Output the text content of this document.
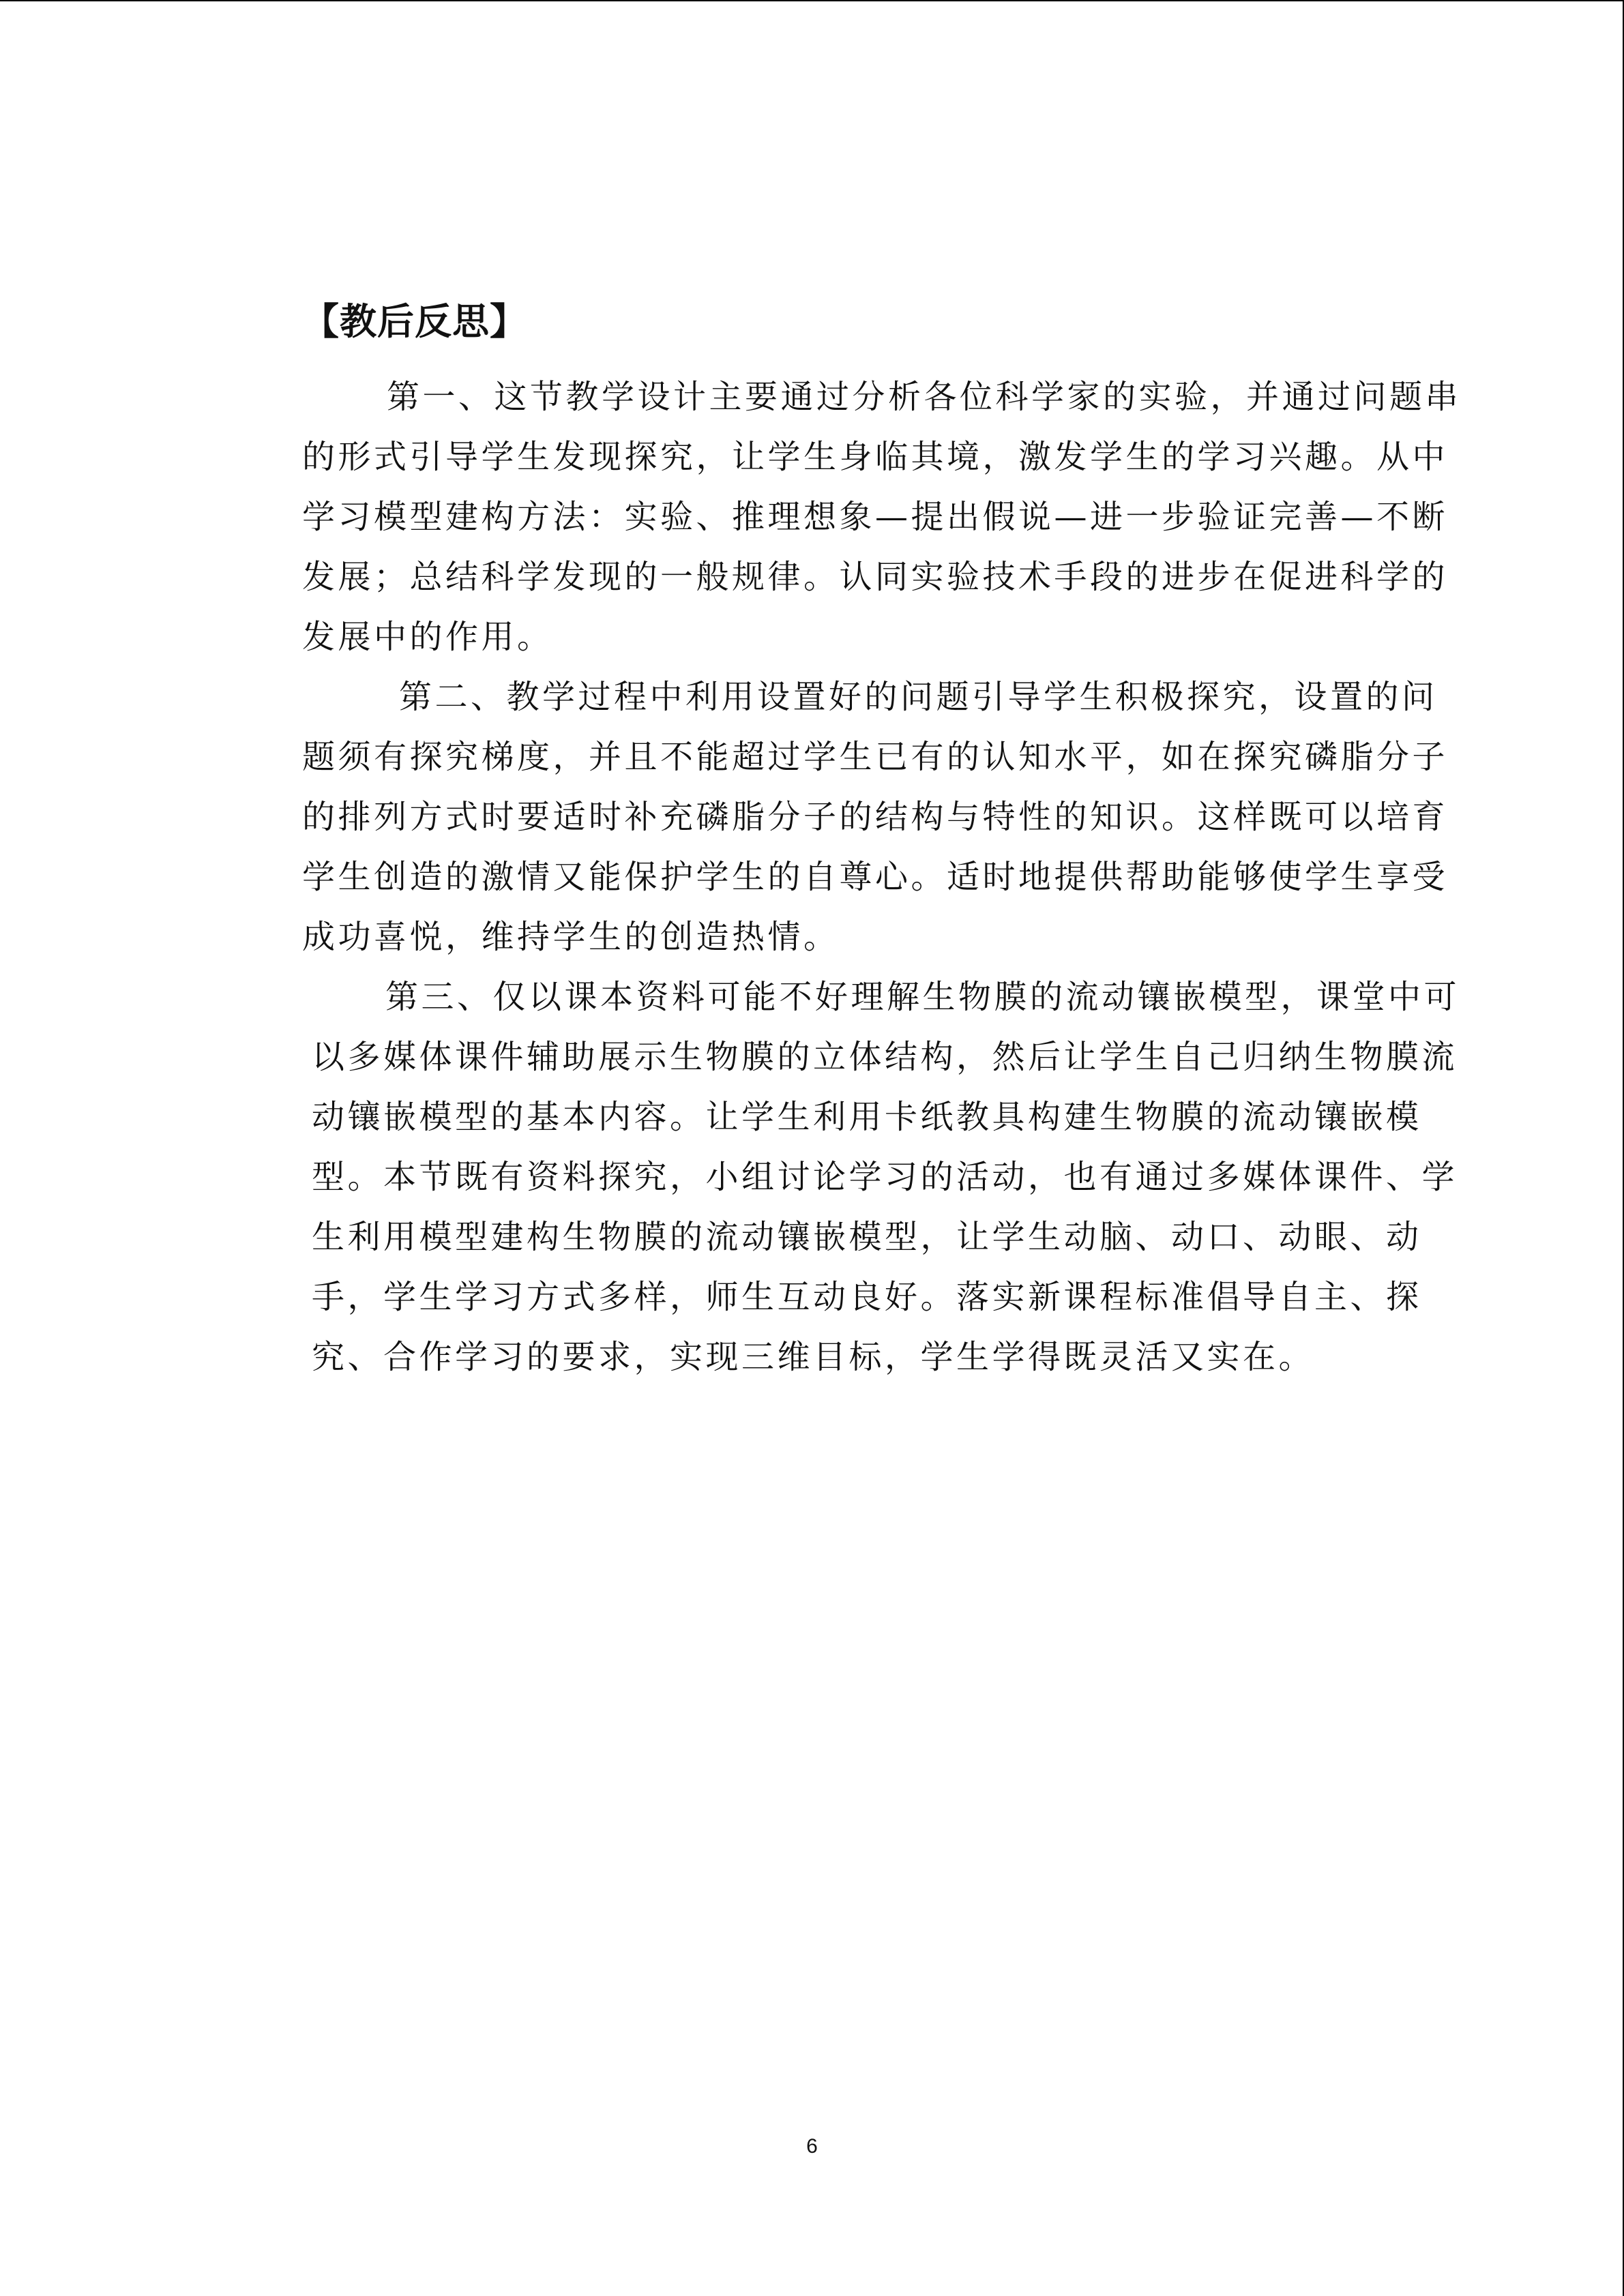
【教后反思】
第一、这节教学设计主要通过分析各位科学家的实验，并通过问题串
的形式引导学生发现探究，让学生身临其境，激发学生的学习兴趣。从中
学习模型建构方法：实验、推理想象—提出假说—进一步验证完善—不断
发展；总结科学发现的一般规律。认同实验技术手段的进步在促进科学的
发展中的作用。
第二、教学过程中利用设置好的问题引导学生积极探究，设置的问
题须有探究梯度，并且不能超过学生已有的认知水平，如在探究磷脂分子
的排列方式时要适时补充磷脂分子的结构与特性的知识。这样既可以培育
学生创造的激情又能保护学生的自尊心。适时地提供帮助能够使学生享受
成功喜悦，维持学生的创造热情。
第三、仅以课本资料可能不好理解生物膜的流动镶嵌模型，课堂中可
以多媒体课件辅助展示生物膜的立体结构，然后让学生自己归纳生物膜流
动镶嵌模型的基本内容。让学生利用卡纸教具构建生物膜的流动镶嵌模
型。本节既有资料探究，小组讨论学习的活动，也有通过多媒体课件、学
生利用模型建构生物膜的流动镶嵌模型，让学生动脑、动口、动眼、动
手，学生学习方式多样，师生互动良好。落实新课程标准倡导自主、探
究、合作学习的要求，实现三维目标，学生学得既灵活又实在。
6
